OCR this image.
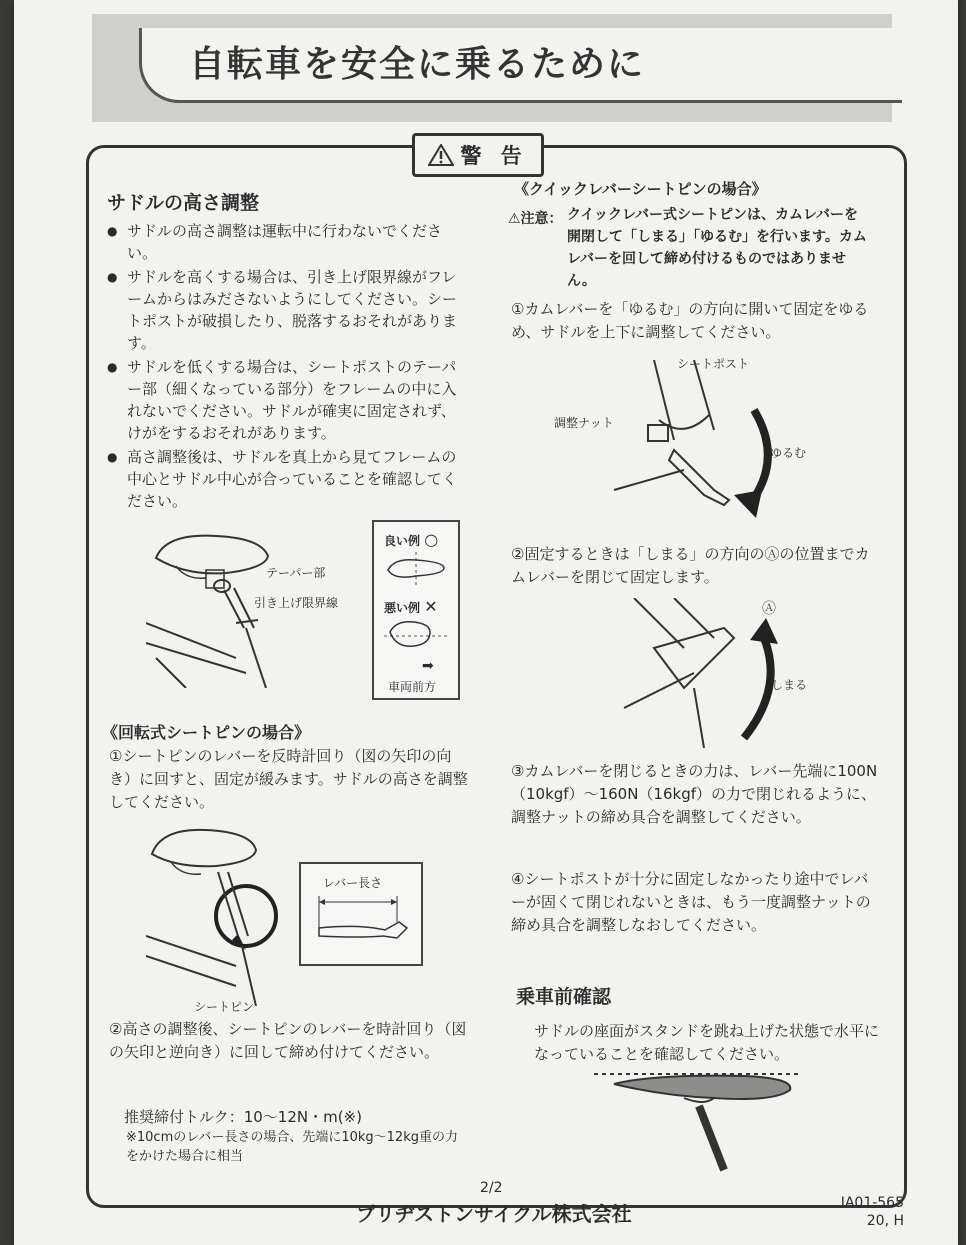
自転車を安全に乗るために
警 告
サドルの高さ調整
● サドルの高さ調整は運転中に行わないでください。
● サドルを高くする場合は、引き上げ限界線がフレームからはみださないようにしてください。シートポストが破損したり、脱落するおそれがあります。
● サドルを低くする場合は、シートポストのテーパー部（細くなっている部分）をフレームの中に入れないでください。サドルが確実に固定されず、けがをするおそれがあります。
● 高さ調整後は、サドルを真上から見てフレームの中心とサドル中心が合っていることを確認してください。
テーパー部
引き上げ限界線
良い例 ○
悪い例 ✕
➡
車両前方
《回転式シートピンの場合》
①シートピンのレバーを反時計回り（図の矢印の向き）に回すと、固定が緩みます。サドルの高さを調整してください。
シートピン
レバー長さ
②高さの調整後、シートピンのレバーを時計回り（図の矢印と逆向き）に回して締め付けてください。
推奨締付トルク：10〜12N・m(※)
※10cmのレバー長さの場合、先端に10kg〜12kg重の力をかけた場合に相当
《クイックレバーシートピンの場合》
⚠注意： クイックレバー式シートピンは、カムレバーを開閉して「しまる」「ゆるむ」を行います。カムレバーを回して締め付けるものではありません。
①カムレバーを「ゆるむ」の方向に開いて固定をゆるめ、サドルを上下に調整してください。
シートポスト
調整ナット
ゆるむ
②固定するときは「しまる」の方向のⒶの位置までカムレバーを閉じて固定します。
Ⓐ
しまる
③カムレバーを閉じるときの力は、レバー先端に100N（10kgf）〜160N（16kgf）の力で閉じれるように、調整ナットの締め具合を調整してください。
④シートポストが十分に固定しなかったり途中でレバーが固くて閉じれないときは、もう一度調整ナットの締め具合を調整しなおしてください。
乗車前確認
サドルの座面がスタンドを跳ね上げた状態で水平になっていることを確認してください。
2/2
ブリヂストンサイクル株式会社	IA01-565
20, H
